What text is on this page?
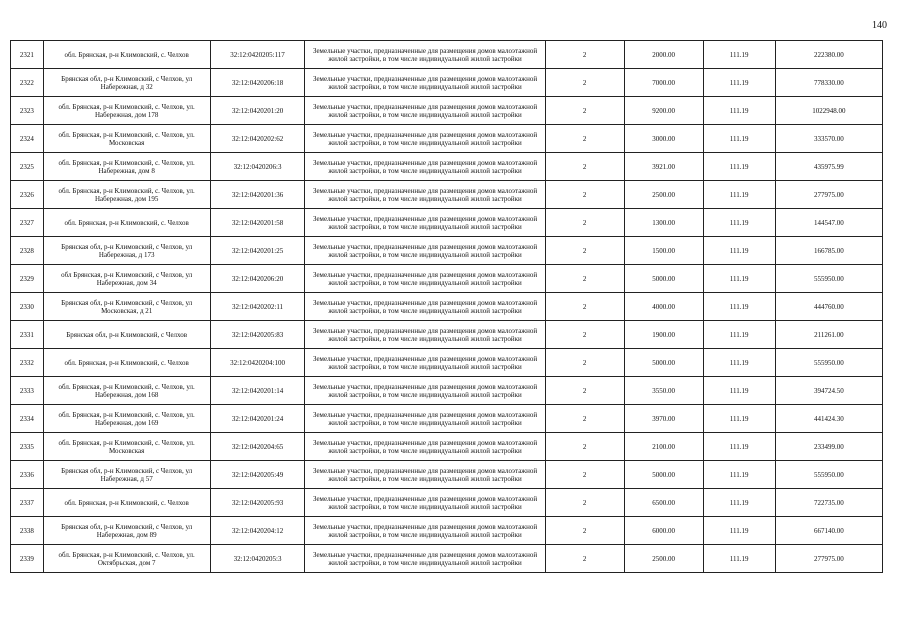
140
2321	обл. Брянская, р-н Климовский, с. Челхов	32:12:0420205:117	Земельные участки, предназначенные для размещения домов малоэтажной жилой застройки, в том числе индивидуальной жилой застройки	2	2000.00	111.19	222380.00
2322	Брянская обл, р-н Климовский, с Челхов, ул Набережная, д 32	32:12:0420206:18	Земельные участки, предназначенные для размещения домов малоэтажной жилой застройки, в том числе индивидуальной жилой застройки	2	7000.00	111.19	778330.00
2323	обл. Брянская, р-н Климовский, с. Челхов, ул. Набережная, дом 178	32:12:0420201:20	Земельные участки, предназначенные для размещения домов малоэтажной жилой застройки, в том числе индивидуальной жилой застройки	2	9200.00	111.19	1022948.00
2324	обл. Брянская, р-н Климовский, с. Челхов, ул. Московская	32:12:0420202:62	Земельные участки, предназначенные для размещения домов малоэтажной жилой застройки, в том числе индивидуальной жилой застройки	2	3000.00	111.19	333570.00
2325	обл. Брянская, р-н Климовский, с. Челхов, ул. Набережная, дом 8	32:12:0420206:3	Земельные участки, предназначенные для размещения домов малоэтажной жилой застройки, в том числе индивидуальной жилой застройки	2	3921.00	111.19	435975.99
2326	обл. Брянская, р-н Климовский, с. Челхов, ул. Набережная, дом 195	32:12:0420201:36	Земельные участки, предназначенные для размещения домов малоэтажной жилой застройки, в том числе индивидуальной жилой застройки	2	2500.00	111.19	277975.00
2327	обл. Брянская, р-н Климовский, с. Челхов	32:12:0420201:58	Земельные участки, предназначенные для размещения домов малоэтажной жилой застройки, в том числе индивидуальной жилой застройки	2	1300.00	111.19	144547.00
2328	Брянская обл, р-н Климовский, с Челхов, ул Набережная, д 173	32:12:0420201:25	Земельные участки, предназначенные для размещения домов малоэтажной жилой застройки, в том числе индивидуальной жилой застройки	2	1500.00	111.19	166785.00
2329	обл Брянская, р-н Климовский, с Челхов, ул Набережная, дом 34	32:12:0420206:20	Земельные участки, предназначенные для размещения домов малоэтажной жилой застройки, в том числе индивидуальной жилой застройки	2	5000.00	111.19	555950.00
2330	Брянская обл, р-н Климовский, с Челхов, ул Московская, д 21	32:12:0420202:11	Земельные участки, предназначенные для размещения домов малоэтажной жилой застройки, в том числе индивидуальной жилой застройки	2	4000.00	111.19	444760.00
2331	Брянская обл, р-н Климовский, с Челхов	32:12:0420205:83	Земельные участки, предназначенные для размещения домов малоэтажной жилой застройки, в том числе индивидуальной жилой застройки	2	1900.00	111.19	211261.00
2332	обл. Брянская, р-н Климовский, с. Челхов	32:12:0420204:100	Земельные участки, предназначенные для размещения домов малоэтажной жилой застройки, в том числе индивидуальной жилой застройки	2	5000.00	111.19	555950.00
2333	обл. Брянская, р-н Климовский, с. Челхов, ул. Набережная, дом 168	32:12:0420201:14	Земельные участки, предназначенные для размещения домов малоэтажной жилой застройки, в том числе индивидуальной жилой застройки	2	3550.00	111.19	394724.50
2334	обл. Брянская, р-н Климовский, с. Челхов, ул. Набережная, дом 169	32:12:0420201:24	Земельные участки, предназначенные для размещения домов малоэтажной жилой застройки, в том числе индивидуальной жилой застройки	2	3970.00	111.19	441424.30
2335	обл. Брянская, р-н Климовский, с. Челхов, ул. Московская	32:12:0420204:65	Земельные участки, предназначенные для размещения домов малоэтажной жилой застройки, в том числе индивидуальной жилой застройки	2	2100.00	111.19	233499.00
2336	Брянская обл, р-н Климовский, с Челхов, ул Набережная, д 57	32:12:0420205:49	Земельные участки, предназначенные для размещения домов малоэтажной жилой застройки, в том числе индивидуальной жилой застройки	2	5000.00	111.19	555950.00
2337	обл. Брянская, р-н Климовский, с. Челхов	32:12:0420205:93	Земельные участки, предназначенные для размещения домов малоэтажной жилой застройки, в том числе индивидуальной жилой застройки	2	6500.00	111.19	722735.00
2338	Брянская обл, р-н Климовский, с Челхов, ул Набережная, дом 89	32:12:0420204:12	Земельные участки, предназначенные для размещения домов малоэтажной жилой застройки, в том числе индивидуальной жилой застройки	2	6000.00	111.19	667140.00
2339	обл. Брянская, р-н Климовский, с. Челхов, ул. Октябрьская, дом 7	32:12:0420205:3	Земельные участки, предназначенные для размещения домов малоэтажной жилой застройки, в том числе индивидуальной жилой застройки	2	2500.00	111.19	277975.00
